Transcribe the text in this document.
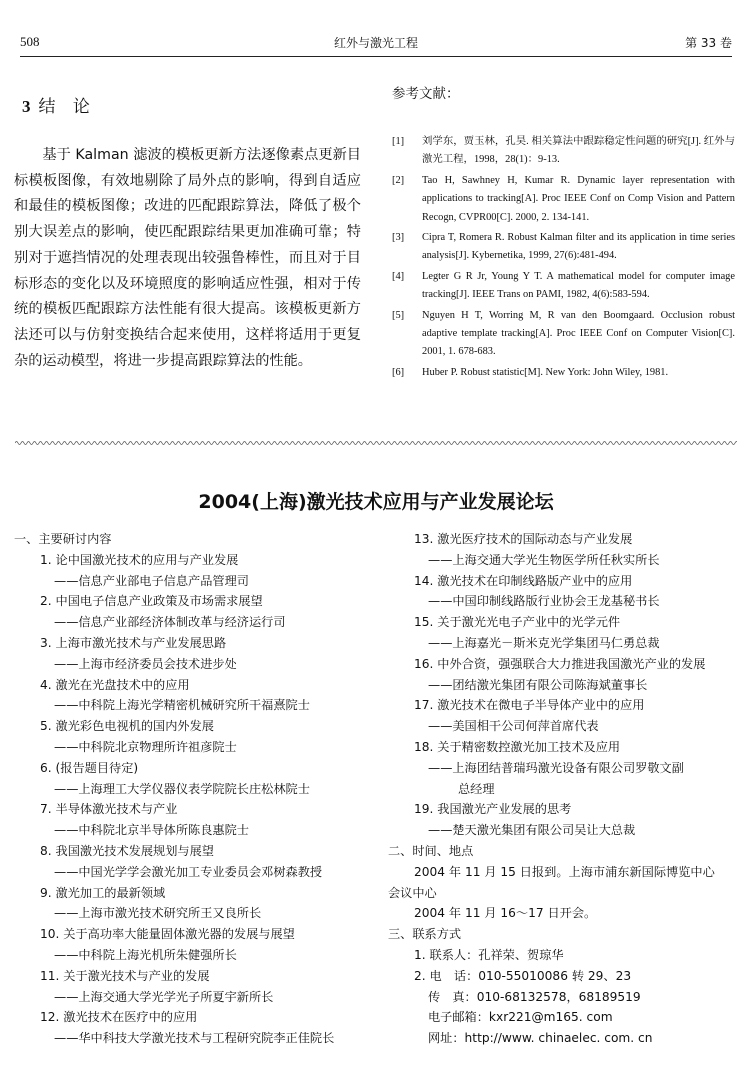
508	红外与激光工程	第 33 卷
3 结 论
基于 Kalman 滤波的模板更新方法逐像素点更新目标模板图像，有效地剔除了局外点的影响，得到自适应和最佳的模板图像；改进的匹配跟踪算法，降低了极个别大误差点的影响，使匹配跟踪结果更加准确可靠；特别对于遮挡情况的处理表现出较强鲁棒性，而且对于目标形态的变化以及环境照度的影响适应性强，相对于传统的模板匹配跟踪方法性能有很大提高。该模板更新方法还可以与仿射变换结合起来使用，这样将适用于更复杂的运动模型，将进一步提高跟踪算法的性能。
参考文献：
[1] 刘学东，贾玉林，孔昊. 相关算法中跟踪稳定性问题的研究[J]. 红外与激光工程，1998，28(1)：9-13.
[2] Tao H, Sawhney H, Kumar R. Dynamic layer representation with applications to tracking[A]. Proc IEEE Conf on Comp Vision and Pattern Recogn, CVPR00[C]. 2000, 2. 134-141.
[3] Cipra T, Romera R. Robust Kalman filter and its application in time series analysis[J]. Kybernetika, 1999, 27(6):481-494.
[4] Legter G R Jr, Young Y T. A mathematical model for computer image tracking[J]. IEEE Trans on PAMI, 1982, 4(6):583-594.
[5] Nguyen H T, Worring M, R van den Boomgaard. Occlusion robust adaptive template tracking[A]. Proc IEEE Conf on Computer Vision[C]. 2001, 1. 678-683.
[6] Huber P. Robust statistic[M]. New York: John Wiley, 1981.
2004(上海)激光技术应用与产业发展论坛
一、主要研讨内容
1. 论中国激光技术的应用与产业发展
——信息产业部电子信息产品管理司
2. 中国电子信息产业政策及市场需求展望
——信息产业部经济体制改革与经济运行司
3. 上海市激光技术与产业发展思路
——上海市经济委员会技术进步处
4. 激光在光盘技术中的应用
——中科院上海光学精密机械研究所干福熹院士
5. 激光彩色电视机的国内外发展
——中科院北京物理所许祖彦院士
6. (报告题目待定)
——上海理工大学仪器仪表学院院长庄松林院士
7. 半导体激光技术与产业
——中科院北京半导体所陈良惠院士
8. 我国激光技术发展规划与展望
——中国光学学会激光加工专业委员会邓树森教授
9. 激光加工的最新领域
——上海市激光技术研究所王又良所长
10. 关于高功率大能量固体激光器的发展与展望
——中科院上海光机所朱健强所长
11. 关于激光技术与产业的发展
——上海交通大学光学光子所夏宇新所长
12. 激光技术在医疗中的应用
——华中科技大学激光技术与工程研究院李正佳院长
13. 激光医疗技术的国际动态与产业发展
——上海交通大学光生物医学所任秋实所长
14. 激光技术在印制线路版产业中的应用
——中国印制线路版行业协会王龙基秘书长
15. 关于激光光电子产业中的光学元件
——上海嘉光－斯米克光学集团马仁勇总裁
16. 中外合资，强强联合大力推进我国激光产业的发展
——团结激光集团有限公司陈海斌董事长
17. 激光技术在微电子半导体产业中的应用
——美国相干公司何萍首席代表
18. 关于精密数控激光加工技术及应用
——上海团结普瑞玛激光设备有限公司罗敬文副
总经理
19. 我国激光产业发展的思考
——楚天激光集团有限公司吴让大总裁
二、时间、地点
2004 年 11 月 15 日报到。上海市浦东新国际博览中心
会议中心
2004 年 11 月 16～17 日开会。
三、联系方式
1. 联系人：孔祥荣、贺琼华
2. 电　话：010-55010086 转 29、23
传　真：010-68132578，68189519
电子邮箱：kxr221@m165. com
网址：http://www. chinaelec. com. cn
